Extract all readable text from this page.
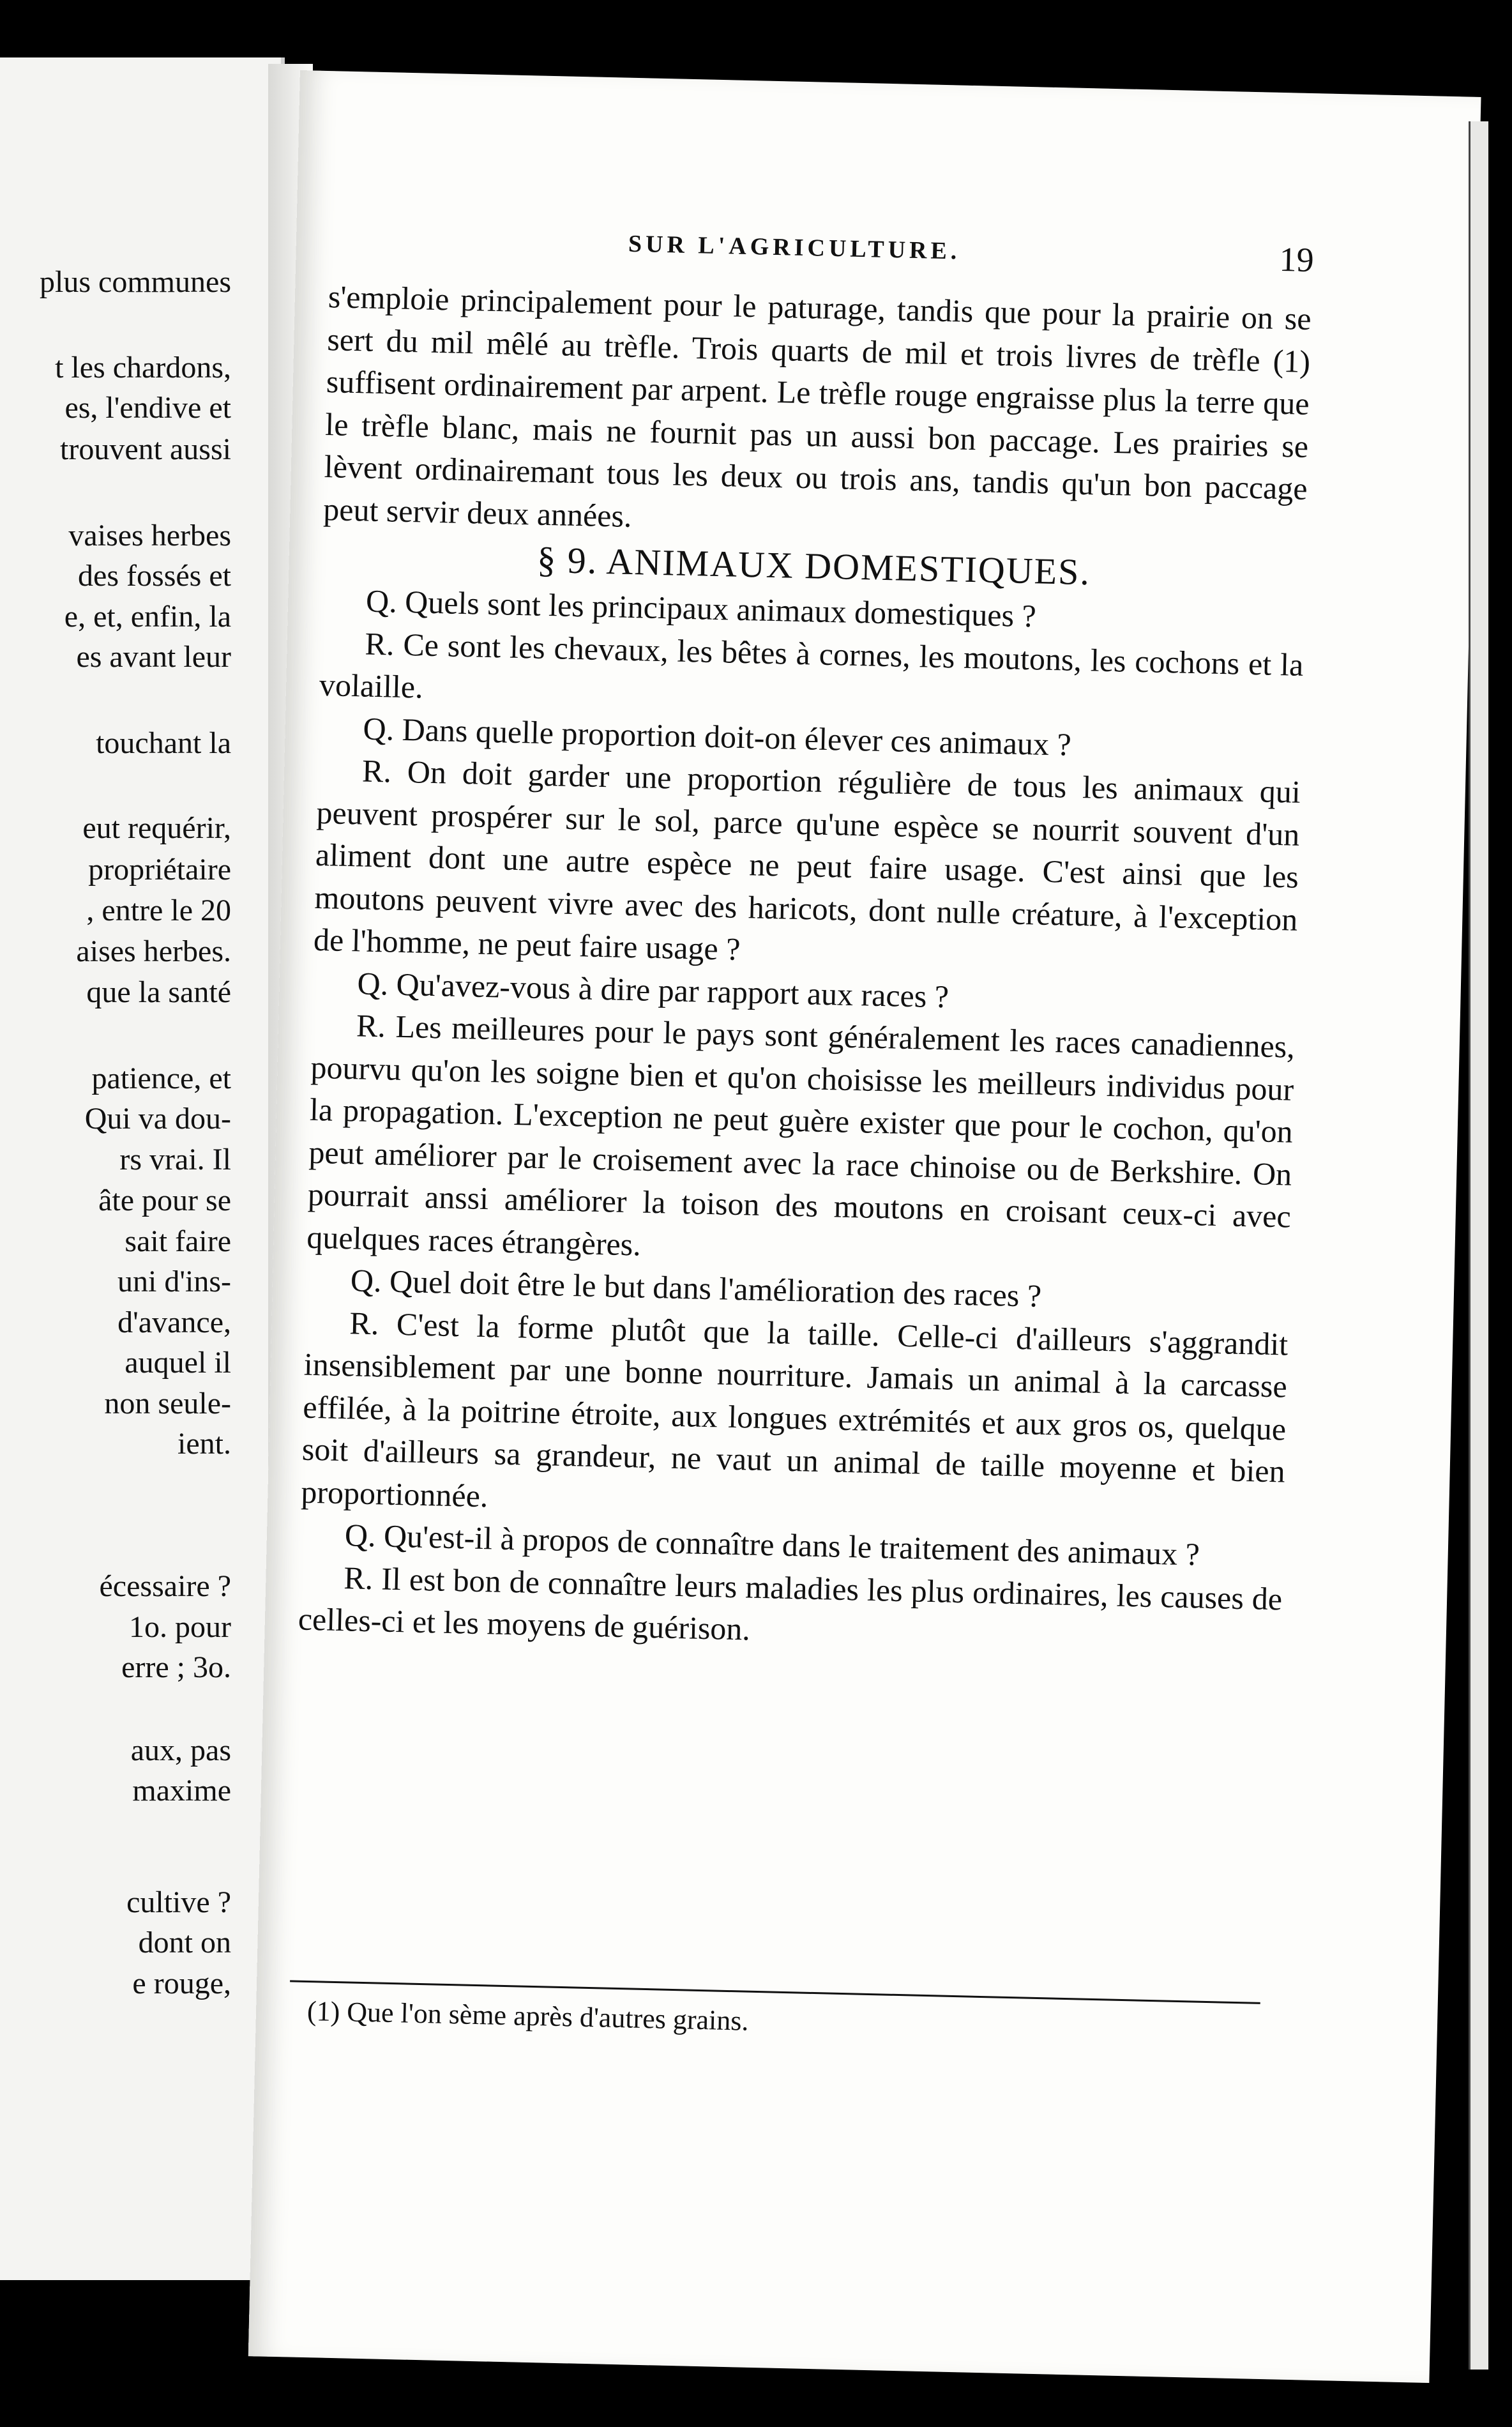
plus communes
t les chardons,
es, l'endive et
trouvent aussi
vaises herbes
des fossés et
e, et, enfin, la
es avant leur
touchant la
eut requérir,
propriétaire
, entre le 20
aises herbes.
que la santé
patience, et
Qui va dou-
rs vrai. Il
âte pour se
sait faire
uni d'ins-
d'avance,
auquel il
non seule-
ient.
écessaire ?
1o. pour
erre ; 3o.
aux, pas
maxime
cultive ?
dont on
e rouge,
SUR L'AGRICULTURE.	19

s'emploie principalement pour le paturage, tandis que pour la prairie on se sert du mil mêlé au trèfle. Trois quarts de mil et trois livres de trèfle (1) suffisent ordinairement par arpent. Le trèfle rouge engraisse plus la terre que le trèfle blanc, mais ne fournit pas un aussi bon paccage. Les prairies se lèvent ordinairemant tous les deux ou trois ans, tandis qu'un bon paccage peut servir deux années.

§ 9. ANIMAUX DOMESTIQUES.

Q. Quels sont les principaux animaux domestiques ?

R. Ce sont les chevaux, les bêtes à cornes, les moutons, les cochons et la volaille.

Q. Dans quelle proportion doit-on élever ces animaux ?

R. On doit garder une proportion régulière de tous les animaux qui peuvent prospérer sur le sol, parce qu'une espèce se nourrit souvent d'un aliment dont une autre espèce ne peut faire usage. C'est ainsi que les moutons peuvent vivre avec des haricots, dont nulle créature, à l'exception de l'homme, ne peut faire usage ?

Q. Qu'avez-vous à dire par rapport aux races ?

R. Les meilleures pour le pays sont généralement les races canadiennes, pourvu qu'on les soigne bien et qu'on choisisse les meilleurs individus pour la propagation. L'exception ne peut guère exister que pour le cochon, qu'on peut améliorer par le croisement avec la race chinoise ou de Berkshire. On pourrait anssi améliorer la toison des moutons en croisant ceux-ci avec quelques races étrangères.

Q. Quel doit être le but dans l'amélioration des races ?

R. C'est la forme plutôt que la taille. Celle-ci d'ailleurs s'aggrandit insensiblement par une bonne nourriture. Jamais un animal à la carcasse effilée, à la poitrine étroite, aux longues extrémités et aux gros os, quelque soit d'ailleurs sa grandeur, ne vaut un animal de taille moyenne et bien proportionnée.

Q. Qu'est-il à propos de connaître dans le traitement des animaux ?

R. Il est bon de connaître leurs maladies les plus ordinaires, les causes de celles-ci et les moyens de guérison.

(1) Que l'on sème après d'autres grains.
